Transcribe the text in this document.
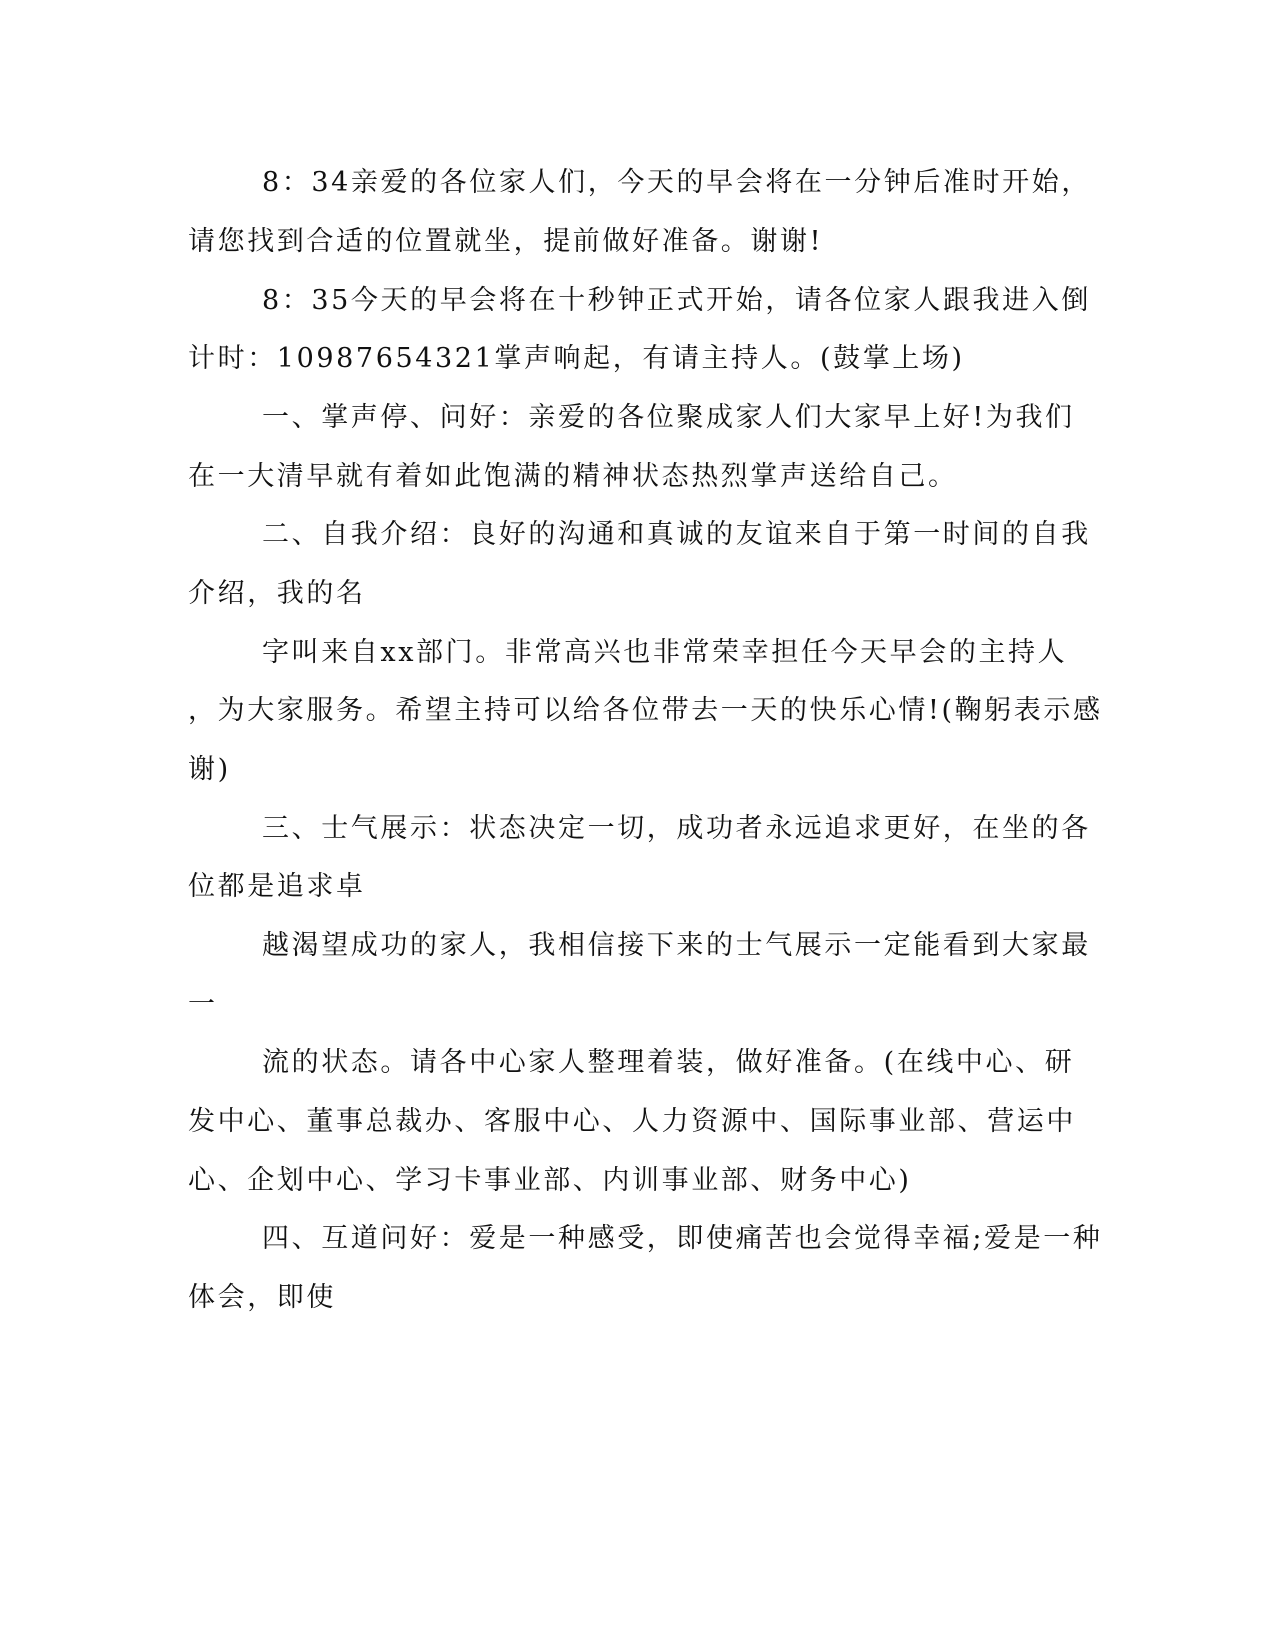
8：34亲爱的各位家人们，今天的早会将在一分钟后准时开始，
请您找到合适的位置就坐，提前做好准备。谢谢!
8：35今天的早会将在十秒钟正式开始，请各位家人跟我进入倒
计时：10987654321掌声响起，有请主持人。(鼓掌上场)
一、掌声停、问好：亲爱的各位聚成家人们大家早上好!为我们
在一大清早就有着如此饱满的精神状态热烈掌声送给自己。
二、自我介绍：良好的沟通和真诚的友谊来自于第一时间的自我
介绍，我的名
字叫来自xx部门。非常高兴也非常荣幸担任今天早会的主持人
，为大家服务。希望主持可以给各位带去一天的快乐心情!(鞠躬表示感
谢)
三、士气展示：状态决定一切，成功者永远追求更好，在坐的各
位都是追求卓
越渴望成功的家人，我相信接下来的士气展示一定能看到大家最
一
流的状态。请各中心家人整理着装，做好准备。(在线中心、研
发中心、董事总裁办、客服中心、人力资源中、国际事业部、营运中
心、企划中心、学习卡事业部、内训事业部、财务中心)
四、互道问好：爱是一种感受，即使痛苦也会觉得幸福;爱是一种
体会，即使
